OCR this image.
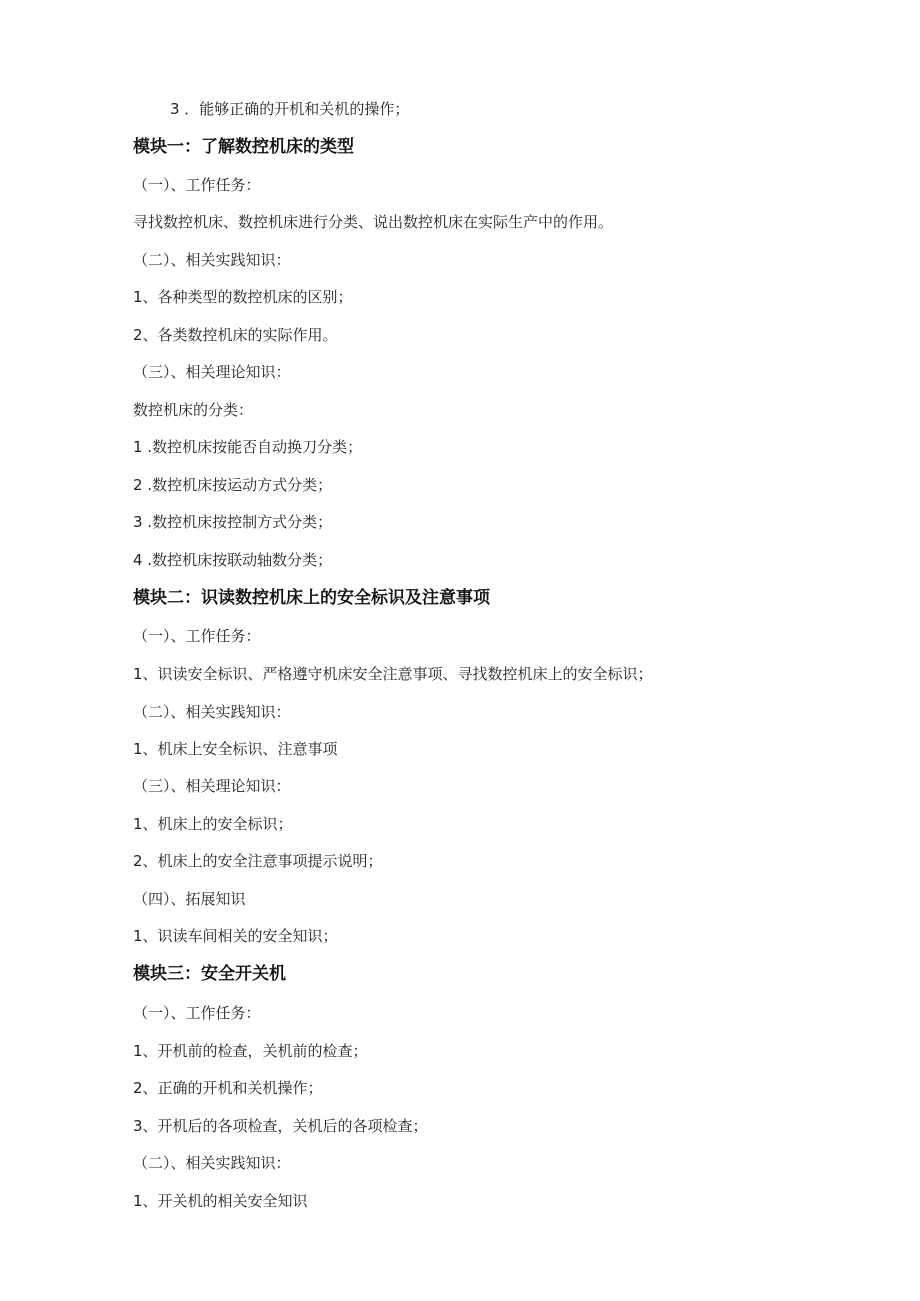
3 ．能够正确的开机和关机的操作；
模块一：了解数控机床的类型
（一）、工作任务：
寻找数控机床、数控机床进行分类、说出数控机床在实际生产中的作用。
（二）、相关实践知识：
1、各种类型的数控机床的区别；
2、各类数控机床的实际作用。
（三）、相关理论知识：
数控机床的分类：
1 .数控机床按能否自动换刀分类；
2 .数控机床按运动方式分类；
3 .数控机床按控制方式分类；
4 .数控机床按联动轴数分类；
模块二：识读数控机床上的安全标识及注意事项
（一）、工作任务：
1、识读安全标识、严格遵守机床安全注意事项、寻找数控机床上的安全标识；
（二）、相关实践知识：
1、机床上安全标识、注意事项
（三）、相关理论知识：
1、机床上的安全标识；
2、机床上的安全注意事项提示说明；
（四）、拓展知识
1、识读车间相关的安全知识；
模块三：安全开关机
（一）、工作任务：
1、开机前的检查，关机前的检查；
2、正确的开机和关机操作；
3、开机后的各项检查，关机后的各项检查；
（二）、相关实践知识：
1、开关机的相关安全知识
